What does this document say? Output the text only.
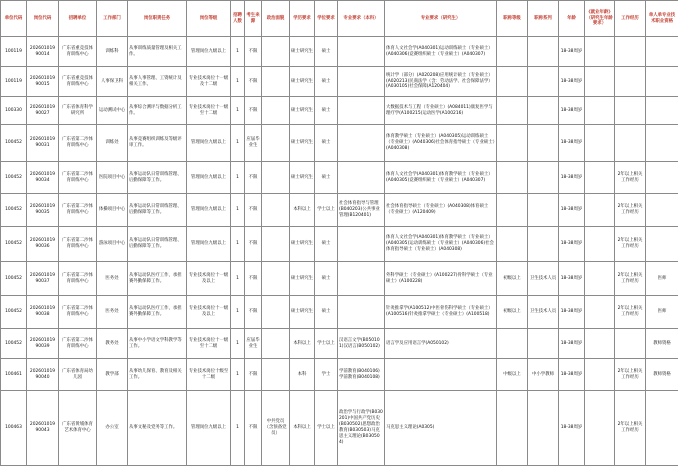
单位代码	岗位代码	招聘单位	工作部门	岗位职责任务	岗位等级	招聘人数	考生来源	政治面貌	学历要求	学位要求	专业要求（本科）	专业要求（研究生）	职称等级	职称系列	年龄	《就业年龄》（研究生年龄要求）	工作经历	单人单专业技术职业资格
100119	202601019 90014	广东省重竞技体育训练中心	训练科	从事训练质量管理及相关工作。	管理岗位九级以上	1	不限		硕士研究生	硕士		体育人文社会学(A040301)运动训练硕士（专业硕士）(A040306)竞赛组织硕士（专业硕士）(A040307)			18-38周岁			
100119	202601019 90015	广东省重竞技体育训练中心	人事保卫科	从事人事管理、工资统计及相关工作。	专业技术岗位十一级及十二级	1	不限		硕士研究生	硕士		统计学（部分）(A020208)应用统计硕士（专业硕士）(A020213)民商法学（含：劳动法学、社会保障法学）(A030105)社会保障(A120404)			18-38周岁			
100330	202601019 90027	广东省体育科学研究所	运动测试中心	从事综合测评与数据分析工作。	专业技术岗位十一级至十二级	1	不限		硕士研究生	硕士		大数据技术与工程（专业硕士）(A084011)康复医学与理疗学(A100215)运动医学(A100216)			18-38周岁			
100452	202601019 90031	广东省第二沙体育训练中心	训练处	从事竞赛组织训练及等级评审工作。	管理岗位九级以上	1	应届毕业生		硕士研究生	硕士		体育教学硕士（专业硕士）(A040305)运动训练硕士（专业硕士）(A040306)社会体育指导硕士（专业硕士）(A040308)			18-38周岁			
100452	202601019 90034	广东省第二沙体育训练中心	医院项目中心	从事运动队日常训练管理、后勤保障等工作。	管理岗位九级以上	1	不限		硕士研究生	硕士		体育人文社会学(A040301)体育教学硕士（专业硕士）(A040305)竞赛组织硕士（专业硕士）(A040307)			18-38周岁		2年以上相关工作经历	
100452	202601019 90035	广东省第二沙体育训练中心	体操项目中心	从事运动队日常训练管理、后勤保障等工作。	管理岗位九级以上	1	不限		本科以上	学士以上	社会体育指导与管理(B040203)公共事业管理(B120401)	社会体育指导硕士（专业硕士）(A040308)体育硕士（专业硕士）(A120409)			18-38周岁		2年以上相关工作经历	
100452	202601019 90036	广东省第二沙体育训练中心	游泳项目中心	从事运动队日常训练管理、后勤保障等工作。	管理岗位九级以上	1	不限		硕士研究生	硕士		体育人文社会学(A040301)体育教学硕士（专业硕士）(A040305)运动训练硕士（专业硕士）(A040306)社会体育指导硕士（专业硕士）(A040308)			18-38周岁		2年以上相关工作经历	
100452	202601019 90037	广东省第二沙体育训练中心	医务处	从事运动队医疗工作，承担赛外勤保障工作。	专业技术岗位十一级及以上	1	不限		硕士研究生	硕士		外科学硕士（专业硕士）(A100227)骨科学硕士（专业硕士）(A100228)	初级以上	卫生技术人员	18-38周岁		2年以上相关工作经历	医师
100452	202601019 90038	广东省第二沙体育训练中心	医务处	从事运动队医疗工作，承担赛外勤保障工作。	专业技术岗位十一级及以上	1	不限		硕士研究生	硕士		针灸推拿学(A100512)中医骨伤科学硕士（专业硕士）(A100516)针灸推拿学硕士（专业硕士）(A100518)	初级以上	卫生技术人员	18-38周岁		2年以上相关工作经历	医师
100452	202601019 90039	广东省第二沙体育训练中心	教务处	从事中小学语文学科教学等工作。	专业技术岗位十一级至十二级	1	应届毕业生		本科以上	学士以上	汉语言文学(B050101)汉语言(B050102)	语言学及应用语言学(A050102)			18-38周岁			教师资格
100461	202601019 90040	广东省体育局幼儿园	教学部	从事幼儿保育、教育及相关工作。	专业技术岗位十级至十二级	1	不限		本科	学士	学前教育(B040106)学前教育(B040108)		中级以上	中小学教师	18-38周岁		2年以上相关工作经历	教师资格
100463	202601019 90043	广东省黄埔体育艺术体育中心	办公室	从事文秘及党务等工作。	管理岗位九级以上	1	不限	中共党员（含预备党员）	本科以上	学士以上	政治学与行政学(B030201)中国共产党历史(B030502)思想政治教育(B030503)马克思主义理论(B030504)	马克思主义理论(A0305)			18-38周岁		2年以上相关工作经历	
